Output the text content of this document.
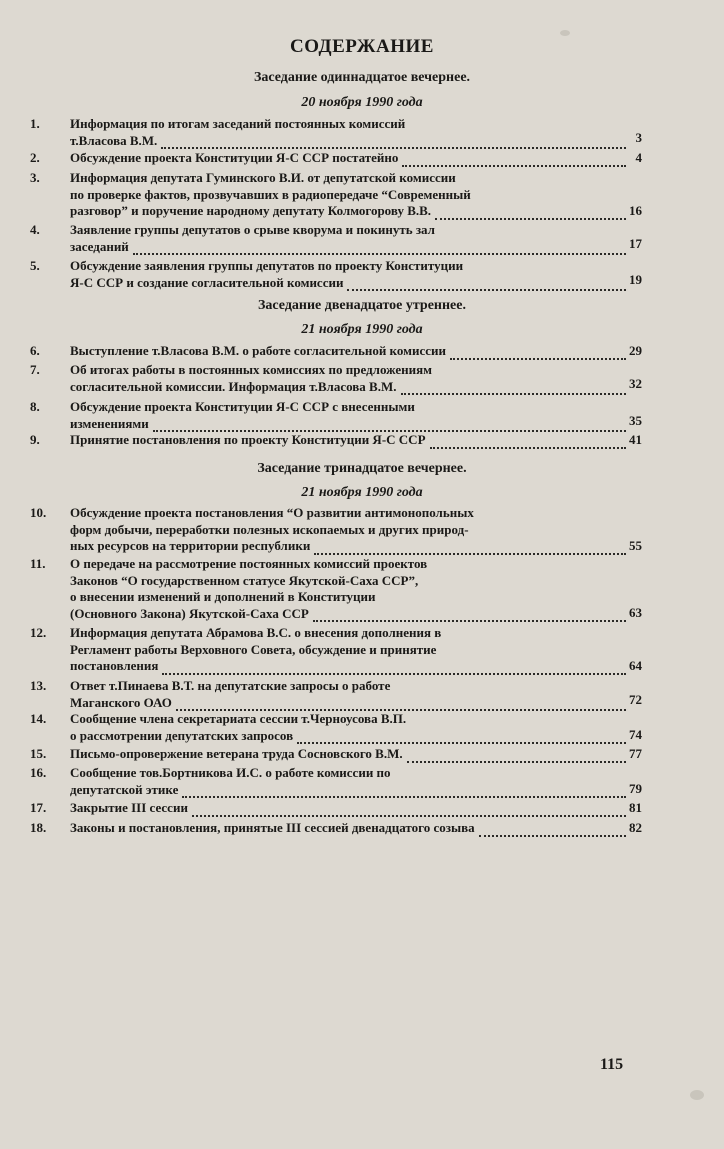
СОДЕРЖАНИЕ
Заседание одиннадцатое вечернее.
20 ноября 1990 года
1.	Информация по итогам заседаний постоянных комиссий
т.Власова В.М.	3
2.	Обсуждение проекта Конституции Я-С ССР постатейно	4
3.	Информация депутата Гуминского В.И. от депутатской комиссии
по проверке фактов, прозвучавших в радиопередаче “Современный
разговор” и поручение народному депутату Колмогорову В.В.	16
4.	Заявление группы депутатов о срыве кворума и покинуть зал
заседаний	17
5.	Обсуждение заявления группы депутатов по проекту Конституции
Я-С ССР и создание согласительной комиссии	19
Заседание двенадцатое утреннее.
21 ноября 1990 года
6.	Выступление т.Власова В.М. о работе согласительной комиссии	29
7.	Об итогах работы в постоянных комиссиях по предложениям
согласительной комиссии. Информация т.Власова В.М.	32
8.	Обсуждение проекта Конституции Я-С ССР с внесенными
изменениями	35
9.	Принятие постановления по проекту Конституции Я-С ССР	41
Заседание тринадцатое вечернее.
21 ноября 1990 года
10.	Обсуждение проекта постановления “О развитии антимонопольных
форм добычи, переработки полезных ископаемых и других природ-
ных ресурсов на территории республики	55
11.	О передаче на рассмотрение постоянных комиссий проектов
Законов “О государственном статусе Якутской-Саха ССР”,
о внесении изменений и дополнений в Конституции
(Основного Закона) Якутской-Саха ССР	63
12.	Информация депутата Абрамова В.С. о внесения дополнения в
Регламент работы Верховного Совета, обсуждение и принятие
постановления	64
13.	Ответ т.Пинаева В.Т. на депутатские запросы о работе
Маганского ОАО	72
14.	Сообщение члена секретариата сессии т.Черноусова В.П.
о рассмотрении депутатских запросов	74
15.	Письмо-опровержение ветерана труда Сосновского В.М.	77
16.	Сообщение тов.Бортникова И.С. о работе комиссии по
депутатской этике	79
17.	Закрытие III сессии	81
18.	Законы и постановления, принятые III сессией двенадцатого созыва	82
115
